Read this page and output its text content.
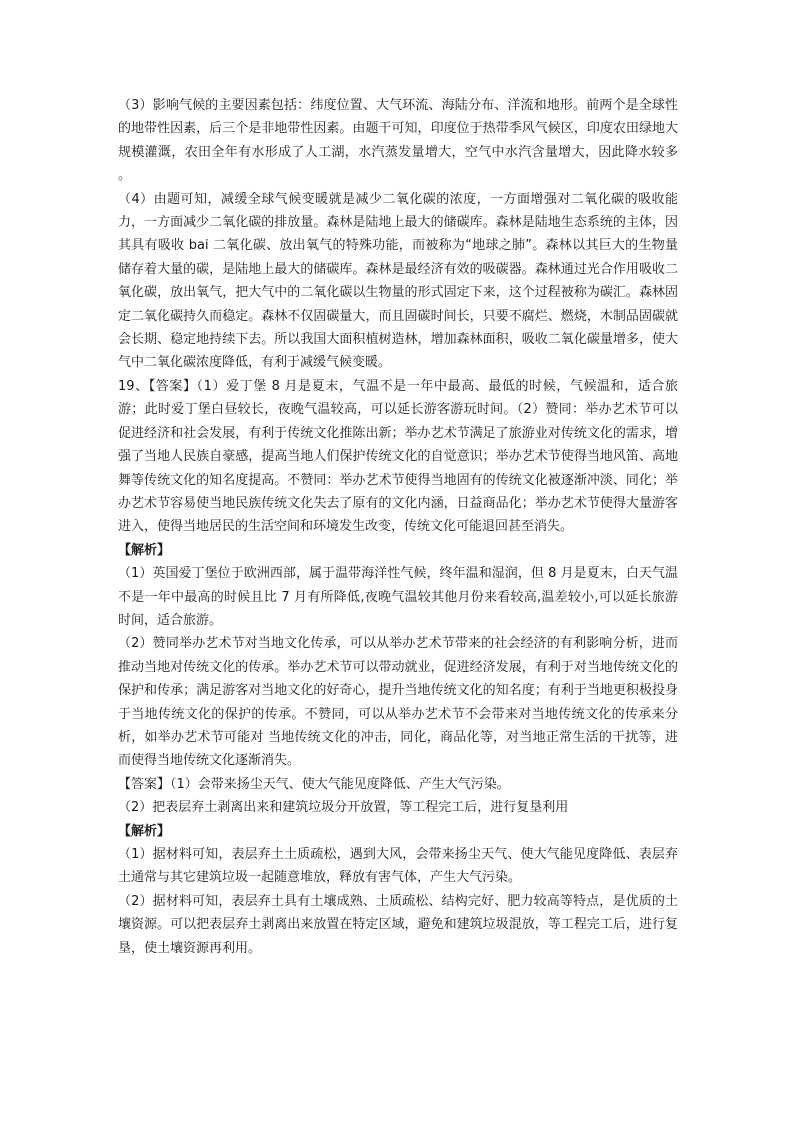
（3）影响气候的主要因素包括：纬度位置、大气环流、海陆分布、洋流和地形。前两个是全球性的地带性因素，后三个是非地带性因素。由题干可知，印度位于热带季风气候区，印度农田绿地大规模灌溉，农田全年有水形成了人工湖，水汽蒸发量增大，空气中水汽含量增大，因此降水较多 。

（4）由题可知，减缓全球气候变暖就是减少二氧化碳的浓度，一方面增强对二氧化碳的吸收能力，一方面减少二氧化碳的排放量。森林是陆地上最大的储碳库。森林是陆地生态系统的主体，因其具有吸收 bai 二氧化碳、放出氧气的特殊功能，而被称为“地球之肺”。森林以其巨大的生物量储存着大量的碳，是陆地上最大的储碳库。森林是最经济有效的吸碳器。森林通过光合作用吸收二氧化碳，放出氧气，把大气中的二氧化碳以生物量的形式固定下来，这个过程被称为碳汇。森林固定二氧化碳持久而稳定。森林不仅固碳量大，而且固碳时间长，只要不腐烂、燃烧，木制品固碳就会长期、稳定地持续下去。所以我国大面积植树造林，增加森林面积，吸收二氧化碳量增多，使大气中二氧化碳浓度降低，有利于减缓气候变暖。

19、【答案】（1）爱丁堡 8 月是夏末，气温不是一年中最高、最低的时候，气候温和，适合旅游；此时爱丁堡白昼较长，夜晚气温较高，可以延长游客游玩时间。（2）赞同：举办艺术节可以促进经济和社会发展，有利于传统文化推陈出新；举办艺术节满足了旅游业对传统文化的需求，增强了当地人民族自豪感，提高当地人们保护传统文化的自觉意识；举办艺术节使得当地风笛、高地舞等传统文化的知名度提高。不赞同：举办艺术节使得当地固有的传统文化被逐渐冲淡、同化；举办艺术节容易使当地民族传统文化失去了原有的文化内涵，日益商品化；举办艺术节使得大量游客进入，使得当地居民的生活空间和环境发生改变，传统文化可能退回甚至消失。

【解析】

（1）英国爱丁堡位于欧洲西部，属于温带海洋性气候，终年温和湿润，但 8 月是夏末，白天气温不是一年中最高的时候且比 7 月有所降低,夜晚气温较其他月份来看较高,温差较小,可以延长旅游时间，适合旅游。

（2）赞同举办艺术节对当地文化传承，可以从举办艺术节带来的社会经济的有利影响分析，进而推动当地对传统文化的传承。举办艺术节可以带动就业，促进经济发展，有利于对当地传统文化的保护和传承；满足游客对当地文化的好奇心，提升当地传统文化的知名度；有利于当地更积极投身于当地传统文化的保护的传承。不赞同，可以从举办艺术节不会带来对当地传统文化的传承来分析，如举办艺术节可能对 当地传统文化的冲击，同化，商品化等，对当地正常生活的干扰等，进而使得当地传统文化逐渐消失。

【答案】（1）会带来扬尘天气、使大气能见度降低、产生大气污染。

（2）把表层弃土剥离出来和建筑垃圾分开放置，等工程完工后，进行复垦利用

【解析】

（1）据材料可知，表层弃土土质疏松，遇到大风，会带来扬尘天气、使大气能见度降低、表层弃土通常与其它建筑垃圾一起随意堆放，释放有害气体，产生大气污染。

（2）据材料可知，表层弃土具有土壤成熟、土质疏松、结构完好、肥力较高等特点，是优质的土壤资源。可以把表层弃土剥离出来放置在特定区域，避免和建筑垃圾混放，等工程完工后，进行复垦，使土壤资源再利用。
